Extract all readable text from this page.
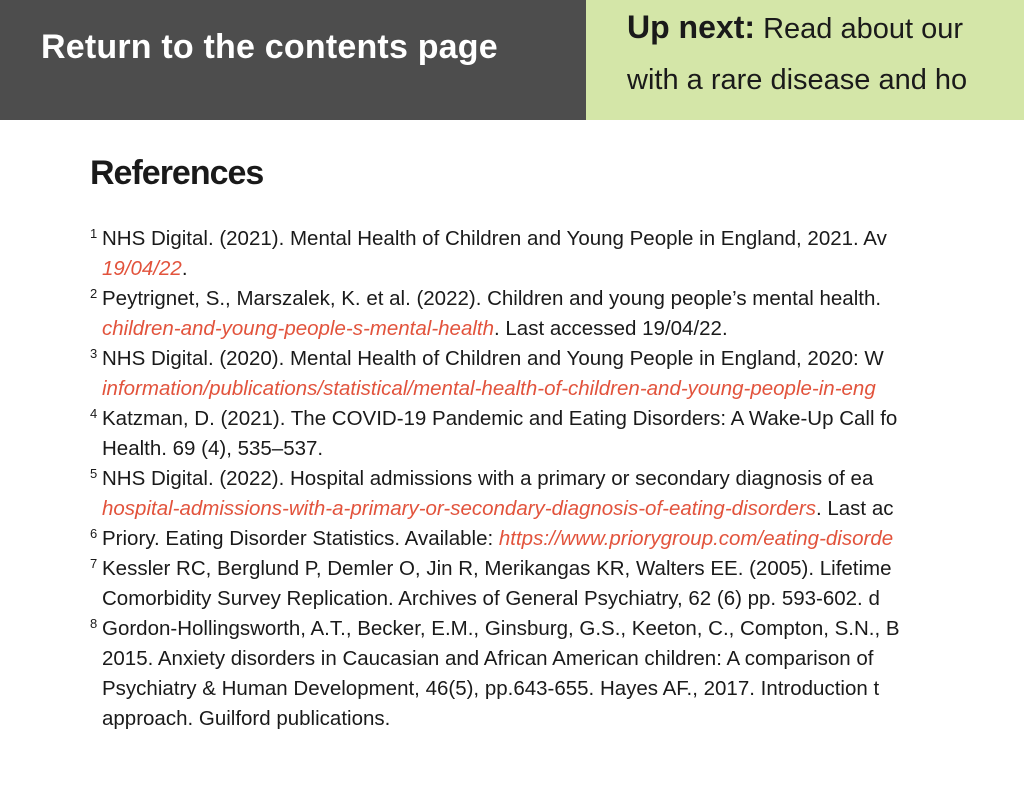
Return to the contents page
Up next: Read about our
with a rare disease and ho
References
1 NHS Digital. (2021). Mental Health of Children and Young People in England, 2021. Av
19/04/22.
2 Peytrignet, S., Marszalek, K. et al. (2022). Children and young people’s mental health.
children-and-young-people-s-mental-health. Last accessed 19/04/22.
3 NHS Digital. (2020). Mental Health of Children and Young People in England, 2020: W
information/publications/statistical/mental-health-of-children-and-young-people-in-eng
4 Katzman, D. (2021). The COVID-19 Pandemic and Eating Disorders: A Wake-Up Call fo
Health. 69 (4), 535–537.
5 NHS Digital. (2022). Hospital admissions with a primary or secondary diagnosis of ea
hospital-admissions-with-a-primary-or-secondary-diagnosis-of-eating-disorders. Last ac
6 Priory. Eating Disorder Statistics. Available: https://www.priorygroup.com/eating-disorde
7 Kessler RC, Berglund P, Demler O, Jin R, Merikangas KR, Walters EE. (2005). Lifetime
Comorbidity Survey Replication. Archives of General Psychiatry, 62 (6) pp. 593-602. d
8 Gordon-Hollingsworth, A.T., Becker, E.M., Ginsburg, G.S., Keeton, C., Compton, S.N., B
2015. Anxiety disorders in Caucasian and African American children: A comparison of
Psychiatry & Human Development, 46(5), pp.643-655. Hayes AF., 2017. Introduction t
approach. Guilford publications.
